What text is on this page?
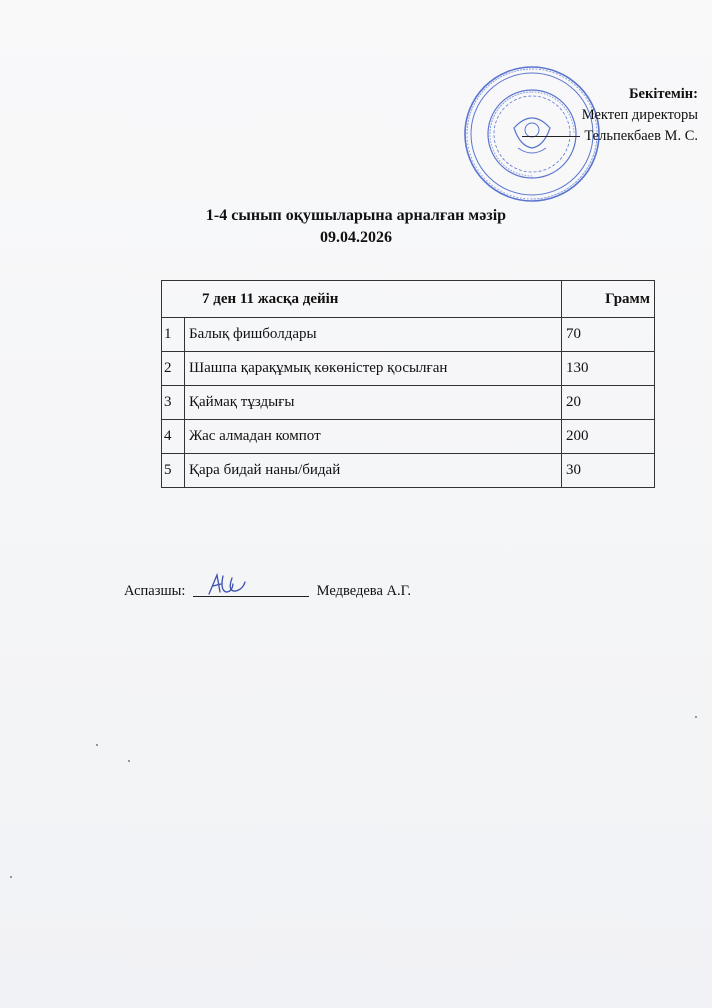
Бекітемін:
Мектеп директоры
Тельпекбаев М. С.
1-4 сынып оқушыларына арналған мәзір
09.04.2026
7 ден 11 жасқа дейін		Грамм
1	Балық фишболдары	70
2	Шашпа қарақұмық көкөністер қосылған	130
3	Қаймақ тұздығы	20
4	Жас алмадан компот	200
5	Қара бидай наны/бидай	30
Аспазшы:	Медведева А.Г.
